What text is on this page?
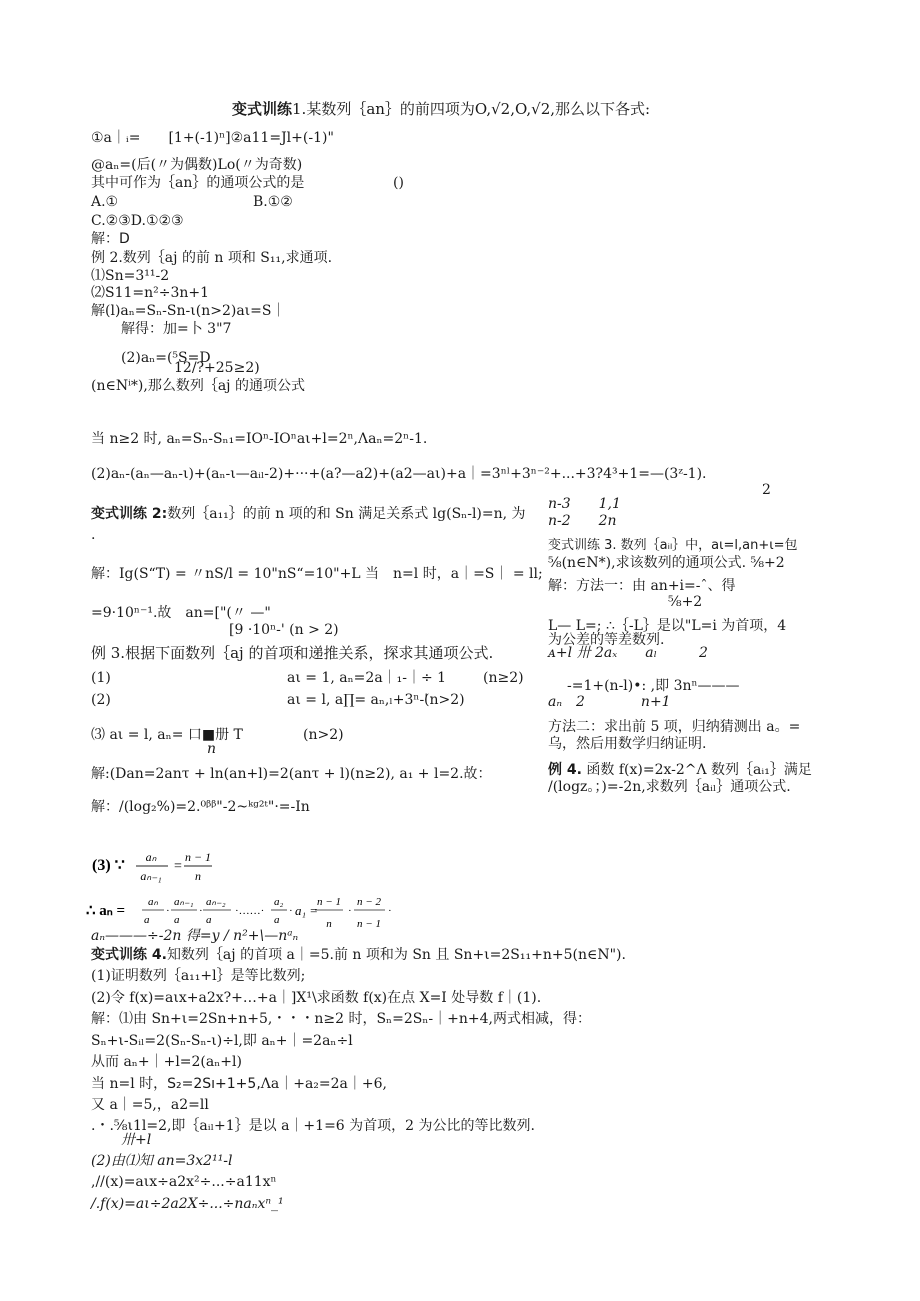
变式训练1.某数列｛an｝的前四项为O,√2,O,√2,那么以下各式:
①a｜ᵢ=　　[1+(-1)ⁿ]②a11=Jl+(-1)"
@aₙ=(后(〃为偶数)Lo(〃为奇数)
其中可作为｛an｝的通项公式的是	()
A.①	B.①②
C.②③D.①②③
解：D
例 2.数列｛aj 的前 n 项和 S₁₁,求通项.
⑴Sn=3¹¹-2
⑵S11=n²÷3n+1
解(l)aₙ=Sₙ-Sn-ι(n>2)aι=S｜
解得：加=卜 3"7
(2)aₙ=(⁵S=D
12/?+25≥2)
(n∈Nⁱ*),那么数列｛aj 的通项公式
当 n≥2 时, aₙ=Sₙ-Sₙ₁=IOⁿ-IOⁿaι+l=2ⁿ,Λaₙ=2ⁿ-1.
(2)aₙ-(aₙ—aₙ-ι)+(aₙ-ι—aᵢₗ-2)+···+(a?—a2)+(a2—aι)+a｜=3ⁿˡ+3ⁿ⁻²+...+3?4³+1=—(3ᶻ-1).
2
变式训练 2:数列｛a₁₁｝的前 n 项的和 Sn 满足关系式 lg(Sₙ-l)=n, 为
.
n-3　　1,1
n-2　　2n
解：Ig(S“T) = 〃nS/l = 10"nS“=10"+L 当　n=l 时，a｜=S｜ = ll;
=9·10ⁿ⁻¹.故　an=["(〃 —"
[9 ·10ⁿ-' (n > 2)
变式训练 3. 数列｛aᵢₗ｝中，aι=l,an+ι=包
⅝(n∈N*),求该数列的通项公式. ⅝+2
解：方法一：由 an+i=-ˆ、得
⅝+2
L— L=; ∴｛-L｝是以"L=i 为首项，4
为公差的等差数列.
ᴀ+l 卅 2aₓ　　aₗ　　　2
-=1+(n-l)•: ,即 3nⁿ———
aₙ　2　　　　n+1
方法二：求出前 5 项，归纳猜测出 a。=
乌，然后用数学归纳证明.
例 4. 函数 f(x)=2x-2^Λ 数列｛aᵢ₁｝满足
/(logz。；)=-2n,求数列｛aᵢₗ｝通项公式.
例 3.根据下面数列｛aj 的首项和递推关系，探求其通项公式.
(1)	aι = 1, aₙ=2a｜₁-｜÷ 1	(n≥2)
(2)	aι = l, a∏= aₙ,ₗ+3ⁿ-'
(n>2)
⑶ aι = l, aₙ= 口■册 T
n
(n>2)
解:(Dan=2anτ + ln(an+l)=2(anτ + l)(n≥2), a₁ + l=2.故：
解：/(log₂%)=2.⁰ᵝᵝ"-2~ᵏᵍ²ᵗ"·=-In
(3) ∵ aₙ
aₙ₋₁
=
n − 1
n
∴ aₙ =
aₙ
a
·
aₙ₋₁
a
·
aₙ₋₂
a
·……·
a₂
a
· a₁ =
n − 1
n
·
n − 2
n − 1
·
aₙ———÷-2n 得=y / n²+\—nᵃₙ
变式训练 4.知数列｛aj 的首项 a｜=5.前 n 项和为 Sn 且 Sn+ι=2S₁₁+n+5(n∈N").
(1)证明数列｛a₁₁+l｝是等比数列;
(2)令 f(x)=aιx+a2x?+…+a｜]X¹\求函数 f(x)在点 X=I 处导数 f｜(1).
解：⑴由 Sn+ι=2Sn+n+5,・・・n≥2 时，Sₙ=2Sₙ-｜+n+4,两式相减，得：
Sₙ+ι-Sᵢₗ=2(Sₙ-Sₙ-ι)÷l,即 aₙ+｜=2aₙ÷l
从而 aₙ+｜+l=2(aₙ+l)
当 n=l 时，S₂=2Sı+1+5,Λa｜+a₂=2a｜+6,
又 a｜=5,，a2=ll
.・.⅝ι1l=2,即｛aᵢₗ+1｝是以 a｜+1=6 为首项，2 为公比的等比数列.
卅+l
(2)由⑴知 an=3x2¹¹-l
,//(x)=aιx÷a2x²÷...÷a11xⁿ
/.f(x)=aι÷2a2X÷...÷naₙxⁿ_¹
